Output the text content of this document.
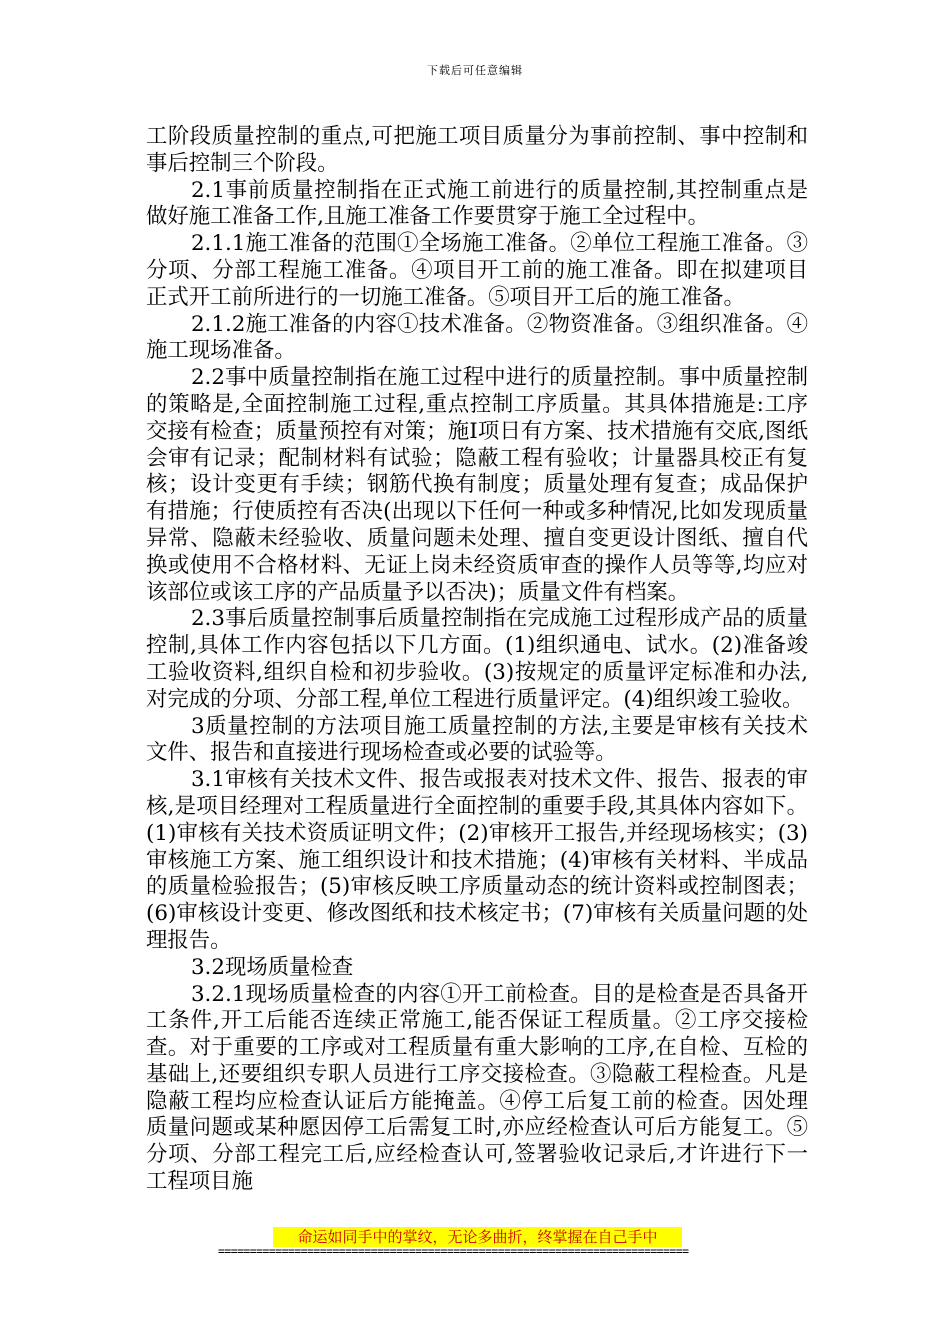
下载后可任意编辑

工阶段质量控制的重点,可把施工项目质量分为事前控制、事中控制和事后控制三个阶段。

2.1事前质量控制指在正式施工前进行的质量控制,其控制重点是做好施工准备工作,且施工准备工作要贯穿于施工全过程中。

2.1.1施工准备的范围①全场施工准备。②单位工程施工准备。③分项、分部工程施工准备。④项目开工前的施工准备。即在拟建项目正式开工前所进行的一切施工准备。⑤项目开工后的施工准备。

2.1.2施工准备的内容①技术准备。②物资准备。③组织准备。④施工现场准备。

2.2事中质量控制指在施工过程中进行的质量控制。事中质量控制的策略是,全面控制施工过程,重点控制工序质量。其具体措施是:工序交接有检查；质量预控有对策；施Ⅰ项日有方案、技术措施有交底,图纸会审有记录；配制材料有试验；隐蔽工程有验收；计量器具校正有复核；设计变更有手续；钢筋代换有制度；质量处理有复查；成品保护有措施；行使质控有否决(出现以下任何一种或多种情况,比如发现质量异常、隐蔽未经验收、质量问题未处理、擅自变更设计图纸、擅自代换或使用不合格材料、无证上岗未经资质审查的操作人员等等,均应对该部位或该工序的产品质量予以否决)；质量文件有档案。

2.3事后质量控制事后质量控制指在完成施工过程形成产品的质量控制,具体工作内容包括以下几方面。(1)组织通电、试水。(2)准备竣工验收资料,组织自检和初步验收。(3)按规定的质量评定标准和办法,对完成的分项、分部工程,单位工程进行质量评定。(4)组织竣工验收。

3质量控制的方法项目施工质量控制的方法,主要是审核有关技术文件、报告和直接进行现场检查或必要的试验等。

3.1审核有关技术文件、报告或报表对技术文件、报告、报表的审核,是项目经理对工程质量进行全面控制的重要手段,其具体内容如下。(1)审核有关技术资质证明文件；(2)审核开工报告,并经现场核实；(3)审核施工方案、施工组织设计和技术措施；(4)审核有关材料、半成品的质量检验报告；(5)审核反映工序质量动态的统计资料或控制图表；(6)审核设计变更、修改图纸和技术核定书；(7)审核有关质量问题的处理报告。

3.2现场质量检查

3.2.1现场质量检查的内容①开工前检查。目的是检查是否具备开工条件,开工后能否连续正常施工,能否保证工程质量。②工序交接检查。对于重要的工序或对工程质量有重大影响的工序,在自检、互检的基础上,还要组织专职人员进行工序交接检查。③隐蔽工程检查。凡是隐蔽工程均应检查认证后方能掩盖。④停工后复工前的检查。因处理质量问题或某种愿因停工后需复工时,亦应经检查认可后方能复工。⑤分项、分部工程完工后,应经检查认可,签署验收记录后,才许进行下一工程项目施

命运如同手中的掌纹，无论多曲折，终掌握在自己手中
==========================================================================
